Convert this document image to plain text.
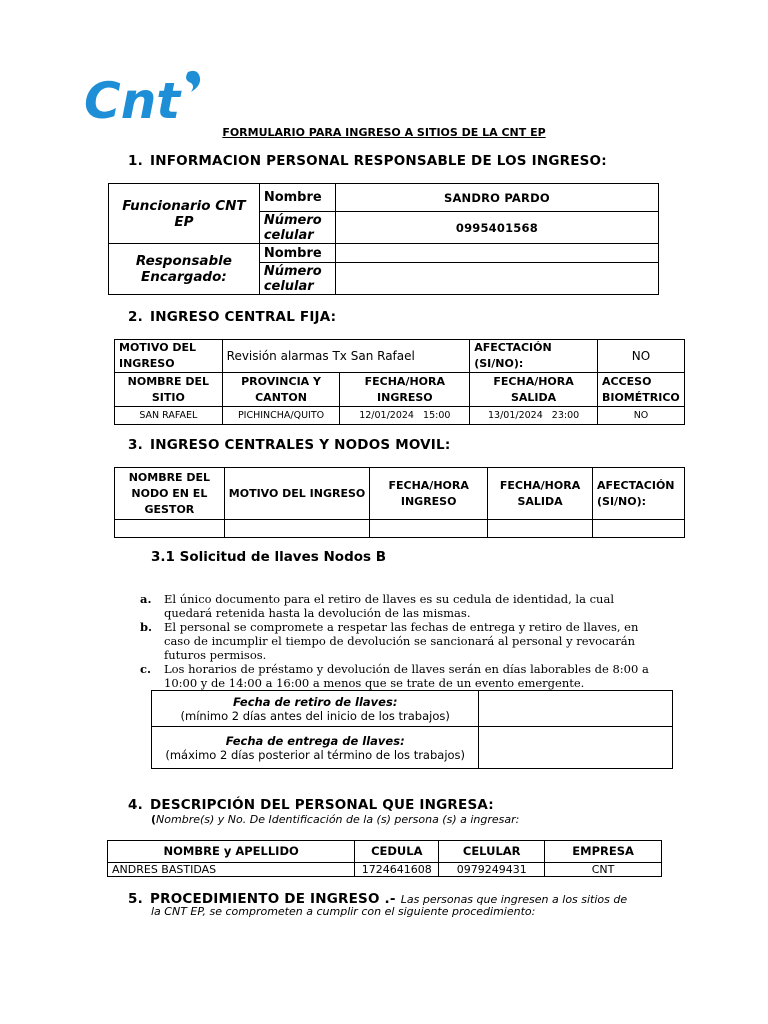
Cnt
FORMULARIO PARA INGRESO A SITIOS DE LA CNT EP
1. INFORMACION PERSONAL RESPONSABLE DE LOS INGRESO:
Funcionario CNT EP	Nombre	SANDRO PARDO
	Número celular	0995401568
Responsable Encargado:	Nombre	
	Número celular	
2. INGRESO CENTRAL FIJA:
MOTIVO DEL INGRESO	Revisión alarmas Tx San Rafael		AFECTACIÓN (SI/NO):	NO
NOMBRE DEL SITIO	PROVINCIA Y CANTON	FECHA/HORA INGRESO	FECHA/HORA SALIDA	ACCESO BIOMÉTRICO
SAN RAFAEL	PICHINCHA/QUITO	12/01/2024   15:00	13/01/2024   23:00	NO
3. INGRESO CENTRALES Y NODOS MOVIL:
NOMBRE DEL NODO EN EL GESTOR	MOTIVO DEL INGRESO	FECHA/HORA INGRESO	FECHA/HORA SALIDA	AFECTACIÓN (SI/NO):

3.1 Solicitud de llaves Nodos B
a. El único documento para el retiro de llaves es su cedula de identidad, la cual quedará retenida hasta la devolución de las mismas.
b. El personal se compromete a respetar las fechas de entrega y retiro de llaves, en caso de incumplir el tiempo de devolución se sancionará al personal y revocarán futuros permisos.
c. Los horarios de préstamo y devolución de llaves serán en días laborables de 8:00 a 10:00 y de 14:00 a 16:00 a menos que se trate de un evento emergente.
Fecha de retiro de llaves:
(mínimo 2 días antes del inicio de los trabajos)	

Fecha de entrega de llaves:
(máximo 2 días posterior al término de los trabajos)	

4. DESCRIPCIÓN DEL PERSONAL QUE INGRESA:
(Nombre(s) y No. De Identificación de la (s) persona (s) a ingresar:
NOMBRE y APELLIDO	CEDULA	CELULAR	EMPRESA
ANDRES BASTIDAS	1724641608	0979249431	CNT
5. PROCEDIMIENTO DE INGRESO .- Las personas que ingresen a los sitios de
la CNT EP, se comprometen a cumplir con el siguiente procedimiento:
